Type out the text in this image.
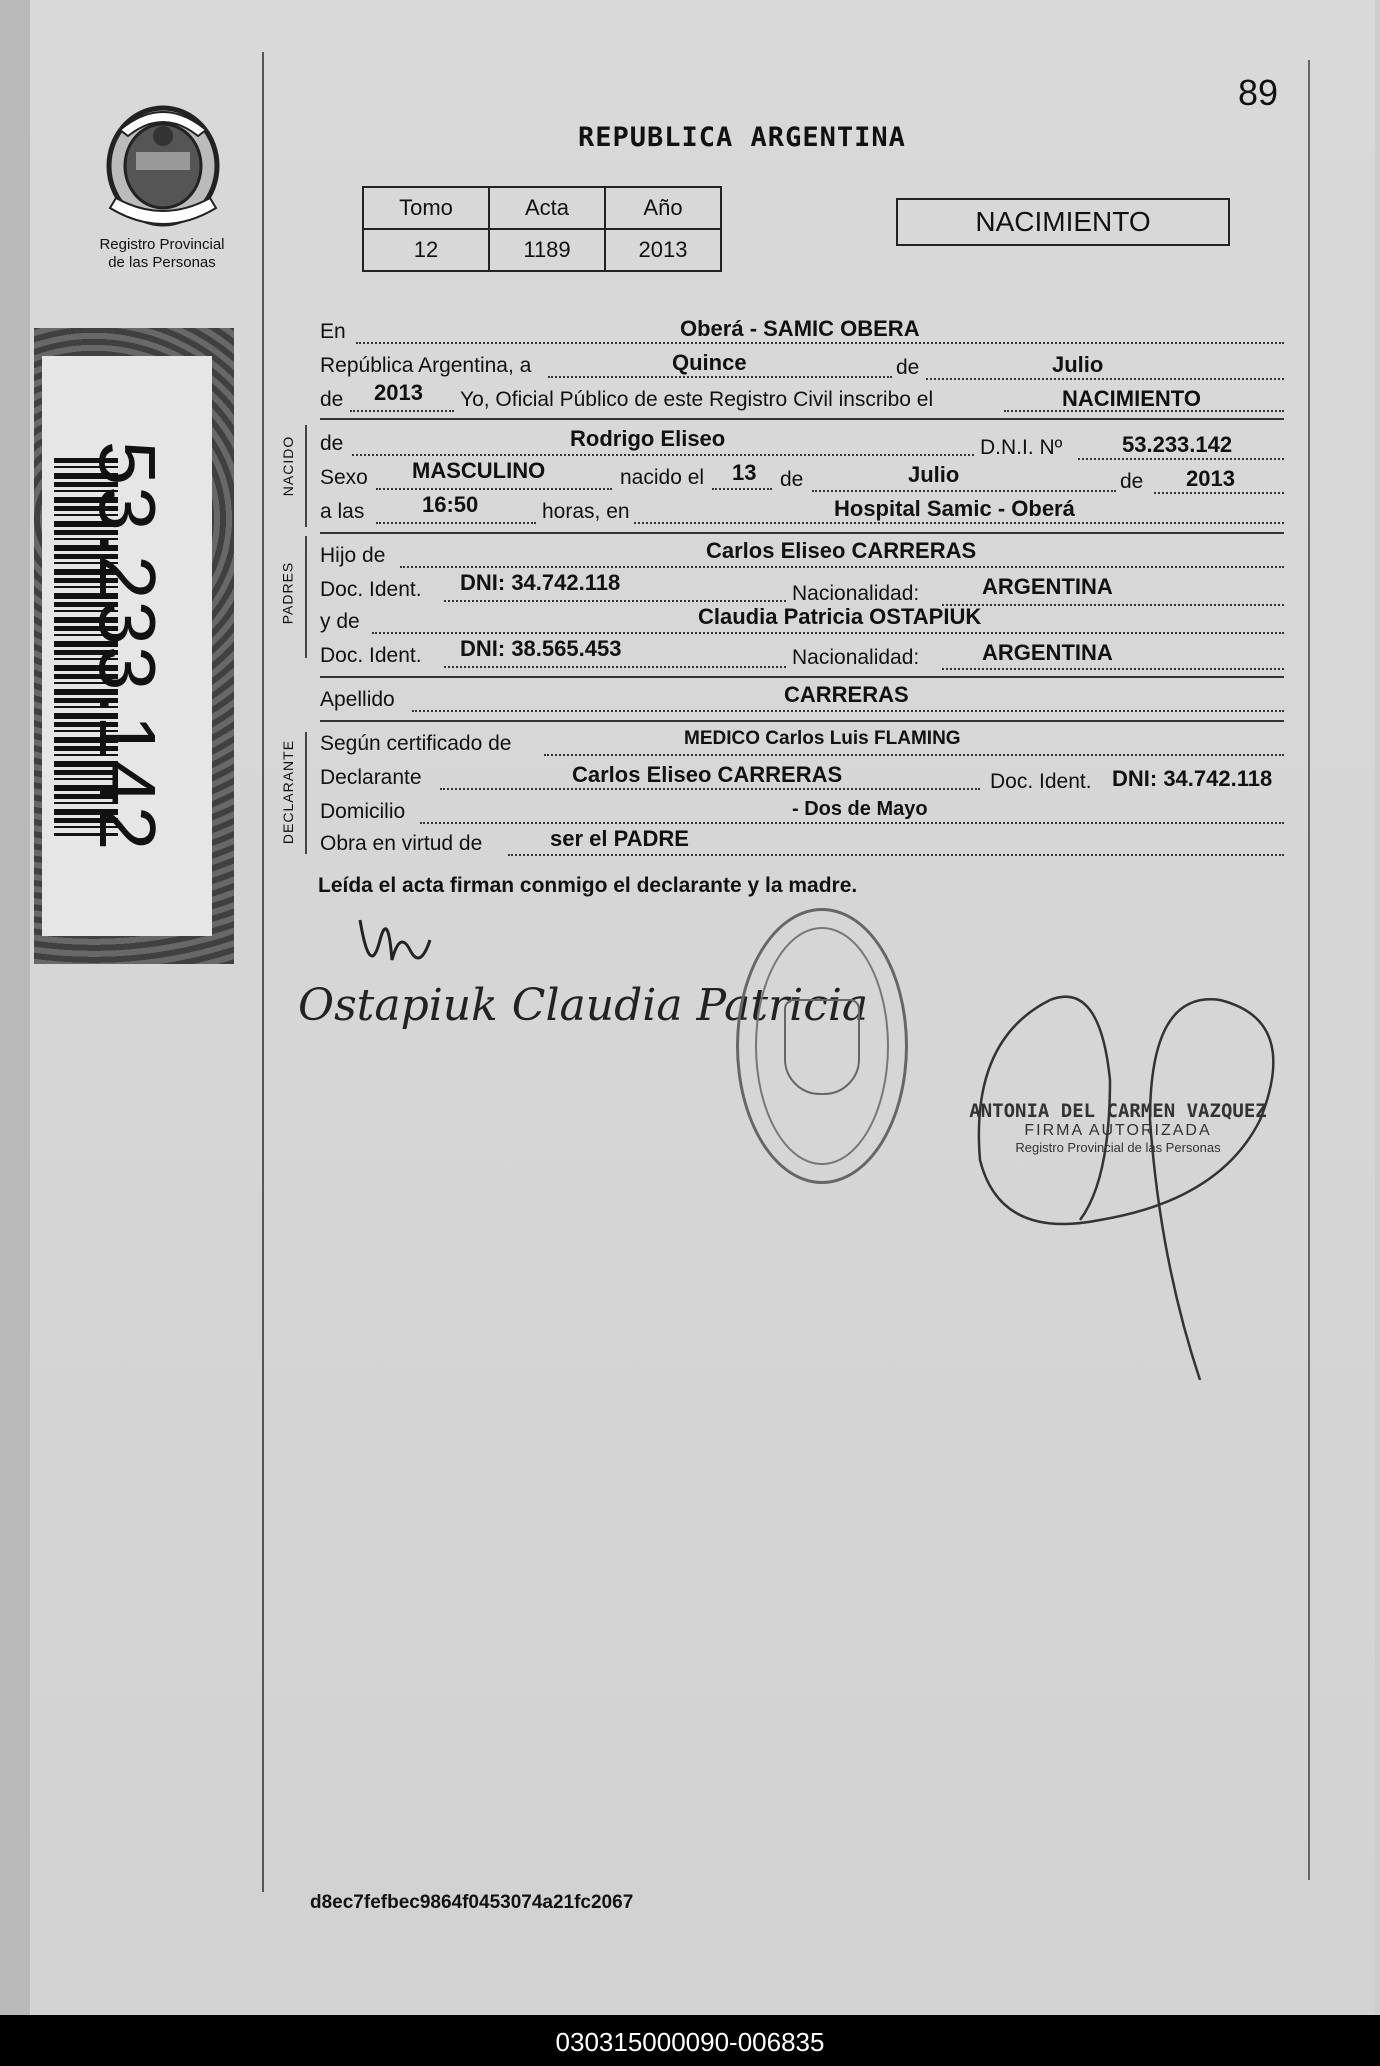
89
REPUBLICA ARGENTINA
Registro Provincial
de las Personas
Tomo	Acta	Año
12	1189	2013
NACIMIENTO
53.233.142	NACIDO
PADRES
DECLARANTE
En	Oberá - SAMIC OBERA
República Argentina, a	Quince	de	Julio
de 2013 Yo, Oficial Público de este Registro Civil inscribo el	NACIMIENTO
de	Rodrigo Eliseo	D.N.I. Nº	53.233.142
Sexo MASCULINO	nacido el 13 de	Julio	de 2013
a las	16:50	horas, en	Hospital Samic - Oberá
Hijo de	Carlos Eliseo CARRERAS
Doc. Ident. DNI: 34.742.118	Nacionalidad:	ARGENTINA
y de	Claudia Patricia OSTAPIUK
Doc. Ident. DNI: 38.565.453	Nacionalidad:	ARGENTINA
Apellido	CARRERAS
Según certificado de	MEDICO Carlos Luis FLAMING
Declarante	Carlos Eliseo CARRERAS	Doc. Ident. DNI: 34.742.118
Domicilio	- Dos de Mayo
Obra en virtud de	ser el PADRE
Leída el acta firman conmigo el declarante y la madre.
Ostapiuk Claudia Patricia
ANTONIA DEL CARMEN VAZQUEZ
FIRMA AUTORIZADA
Registro Provincial de las Personas
d8ec7fefbec9864f0453074a21fc2067
030315000090-006835
